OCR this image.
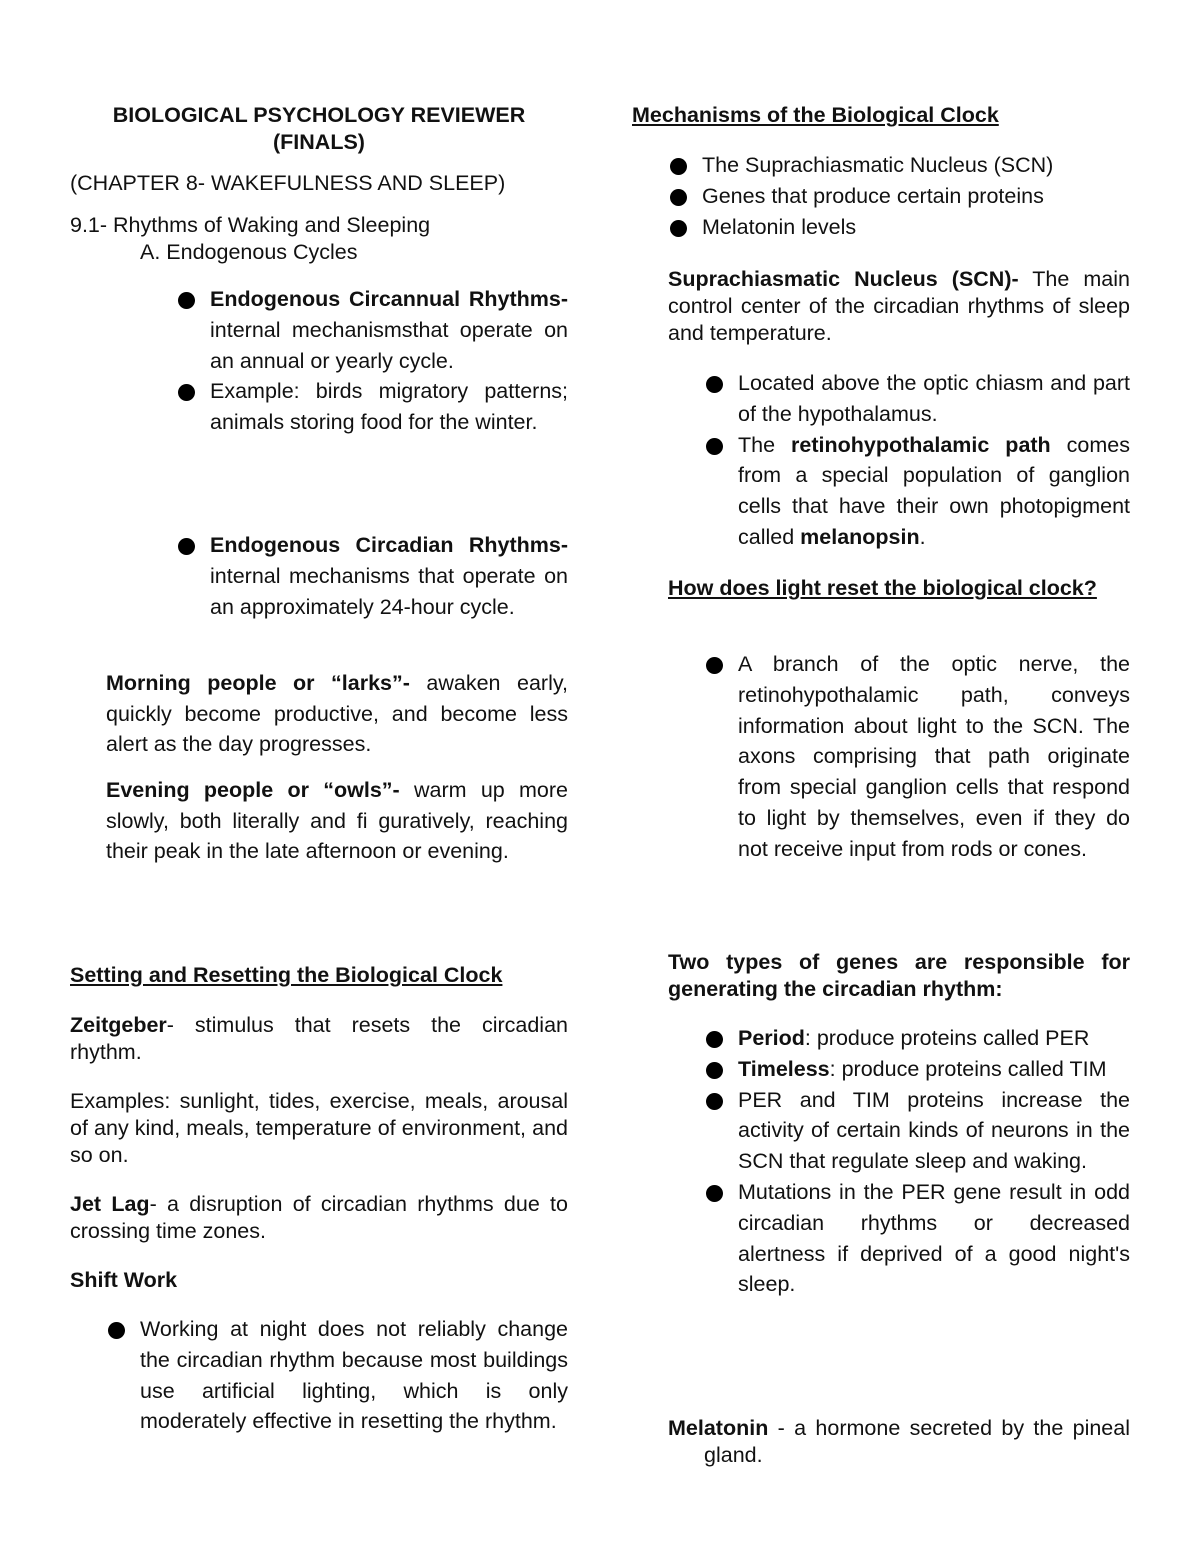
BIOLOGICAL PSYCHOLOGY REVIEWER
(FINALS)
(CHAPTER 8- WAKEFULNESS AND SLEEP)
9.1- Rhythms of Waking and Sleeping
A. Endogenous Cycles
Endogenous Circannual Rhythms- internal mechanismsthat operate on an annual or yearly cycle.
Example: birds migratory patterns; animals storing food for the winter.
Endogenous Circadian Rhythms- internal mechanisms that operate on an approximately 24-hour cycle.

Morning people or “larks”- awaken early, quickly become productive, and become less alert as the day progresses.

Evening people or “owls”- warm up more slowly, both literally and fi guratively, reaching their peak in the late afternoon or evening.

Setting and Resetting the Biological Clock

Zeitgeber- stimulus that resets the circadian rhythm.

Examples: sunlight, tides, exercise, meals, arousal of any kind, meals, temperature of environment, and so on.

Jet Lag- a disruption of circadian rhythms due to crossing time zones.

Shift Work
Working at night does not reliably change the circadian rhythm because most buildings use artificial lighting, which is only moderately effective in resetting the rhythm.
Mechanisms of the Biological Clock
The Suprachiasmatic Nucleus (SCN)
Genes that produce certain proteins
Melatonin levels

Suprachiasmatic Nucleus (SCN)- The main control center of the circadian rhythms of sleep and temperature.

Located above the optic chiasm and part of the hypothalamus.
The retinohypothalamic path comes from a special population of ganglion cells that have their own photopigment called melanopsin.

How does light reset the biological clock?

A branch of the optic nerve, the retinohypothalamic path, conveys information about light to the SCN. The axons comprising that path originate from special ganglion cells that respond to light by themselves, even if they do not receive input from rods or cones.

Two types of genes are responsible for generating the circadian rhythm:

Period: produce proteins called PER
Timeless: produce proteins called TIM
PER and TIM proteins increase the activity of certain kinds of neurons in the SCN that regulate sleep and waking.
Mutations in the PER gene result in odd circadian rhythms or decreased alertness if deprived of a good night's sleep.

Melatonin - a hormone secreted by the pineal gland.
